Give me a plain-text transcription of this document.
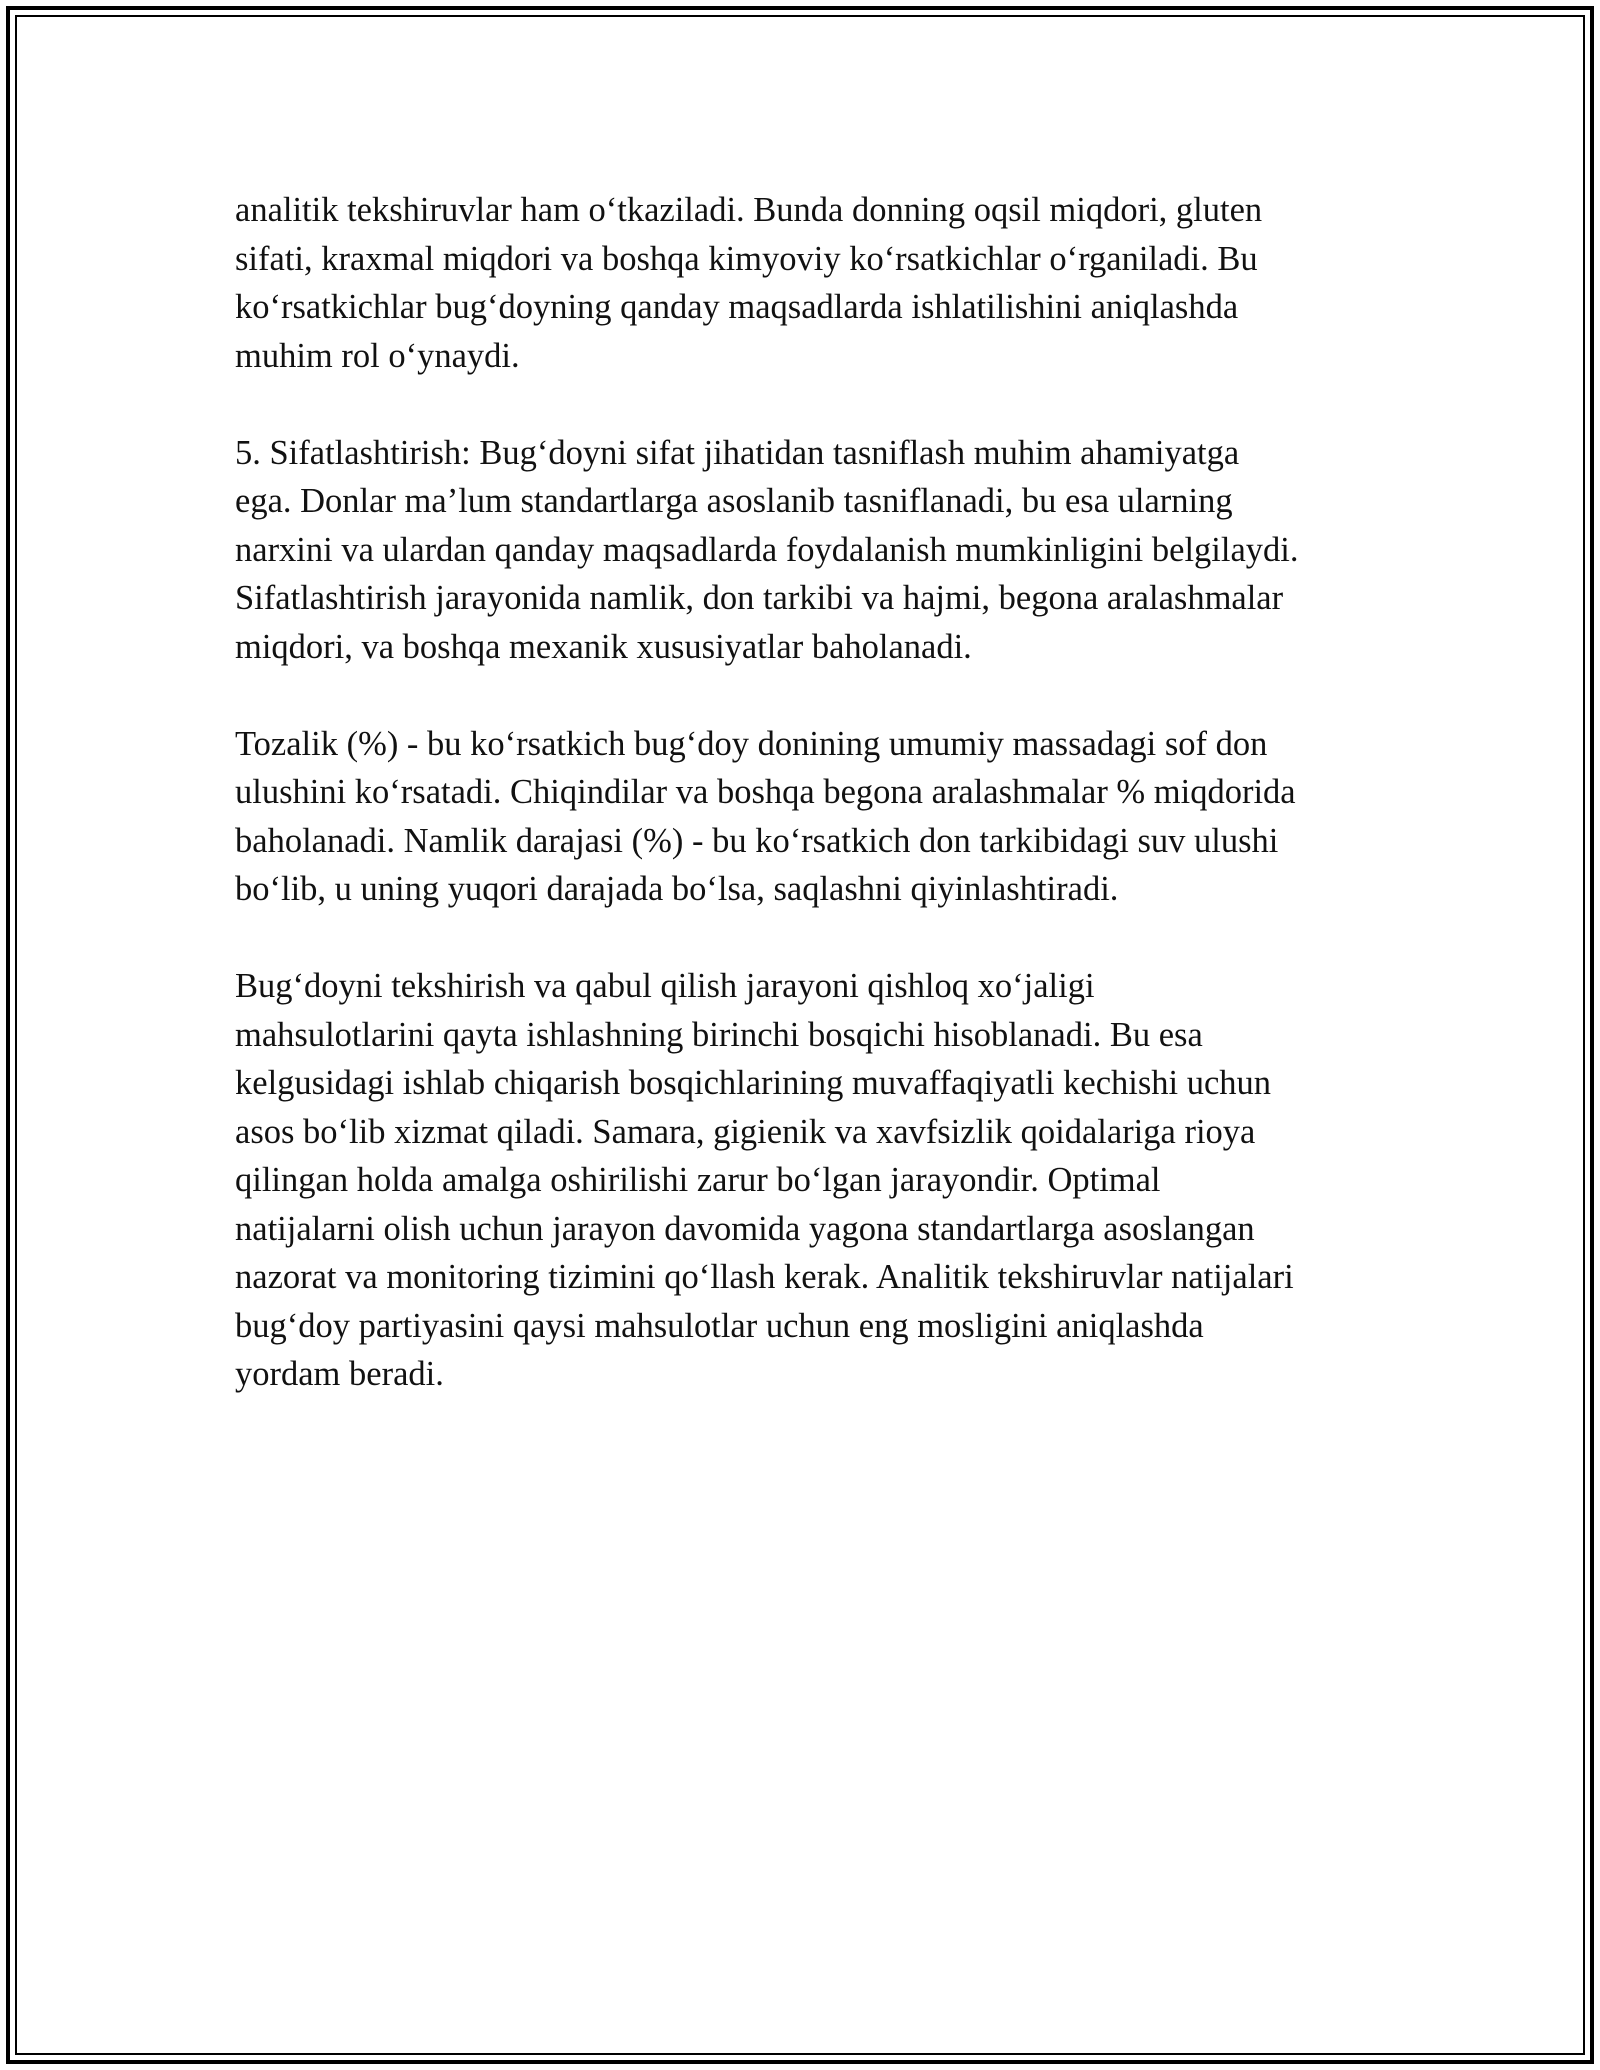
analitik tekshiruvlar ham o‘tkaziladi. Bunda donning oqsil miqdori, gluten
sifati, kraxmal miqdori va boshqa kimyoviy ko‘rsatkichlar o‘rganiladi. Bu
ko‘rsatkichlar bug‘doyning qanday maqsadlarda ishlatilishini aniqlashda
muhim rol o‘ynaydi.

5. Sifatlashtirish: Bug‘doyni sifat jihatidan tasniflash muhim ahamiyatga
ega. Donlar ma’lum standartlarga asoslanib tasniflanadi, bu esa ularning
narxini va ulardan qanday maqsadlarda foydalanish mumkinligini belgilaydi.
Sifatlashtirish jarayonida namlik, don tarkibi va hajmi, begona aralashmalar
miqdori, va boshqa mexanik xususiyatlar baholanadi.

Tozalik (%) - bu ko‘rsatkich bug‘doy donining umumiy massadagi sof don
ulushini ko‘rsatadi. Chiqindilar va boshqa begona aralashmalar % miqdorida
baholanadi. Namlik darajasi (%) - bu ko‘rsatkich don tarkibidagi suv ulushi
bo‘lib, u uning yuqori darajada bo‘lsa, saqlashni qiyinlashtiradi.

Bug‘doyni tekshirish va qabul qilish jarayoni qishloq xo‘jaligi
mahsulotlarini qayta ishlashning birinchi bosqichi hisoblanadi. Bu esa
kelgusidagi ishlab chiqarish bosqichlarining muvaffaqiyatli kechishi uchun
asos bo‘lib xizmat qiladi. Samara, gigienik va xavfsizlik qoidalariga rioya
qilingan holda amalga oshirilishi zarur bo‘lgan jarayondir. Optimal
natijalarni olish uchun jarayon davomida yagona standartlarga asoslangan
nazorat va monitoring tizimini qo‘llash kerak. Analitik tekshiruvlar natijalari
bug‘doy partiyasini qaysi mahsulotlar uchun eng mosligini aniqlashda
yordam beradi.
